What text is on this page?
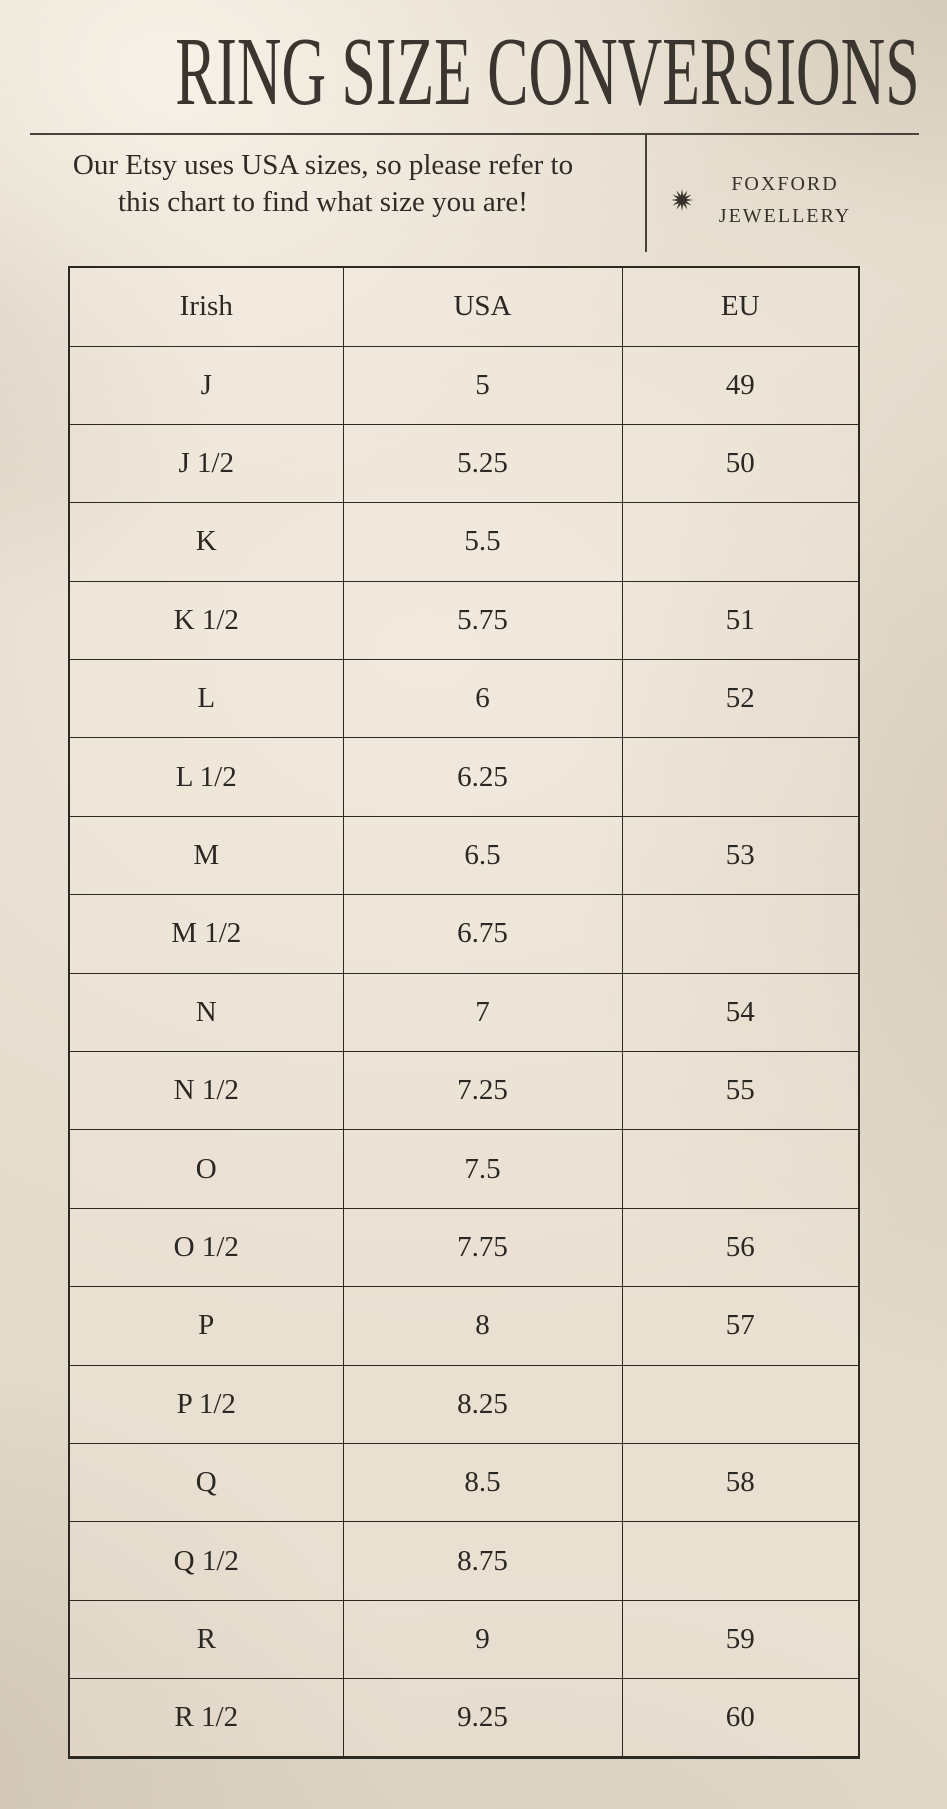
RING SIZE CONVERSIONS

Our Etsy uses USA sizes, so please refer to
this chart to find what size you are!

FOXFORD
JEWELLERY
Irish	USA	EU
J	5	49
J 1/2	5.25	50
K	5.5	
K 1/2	5.75	51
L	6	52
L 1/2	6.25	
M	6.5	53
M 1/2	6.75	
N	7	54
N 1/2	7.25	55
O	7.5	
O 1/2	7.75	56
P	8	57
P 1/2	8.25	
Q	8.5	58
Q 1/2	8.75	
R	9	59
R 1/2	9.25	60
